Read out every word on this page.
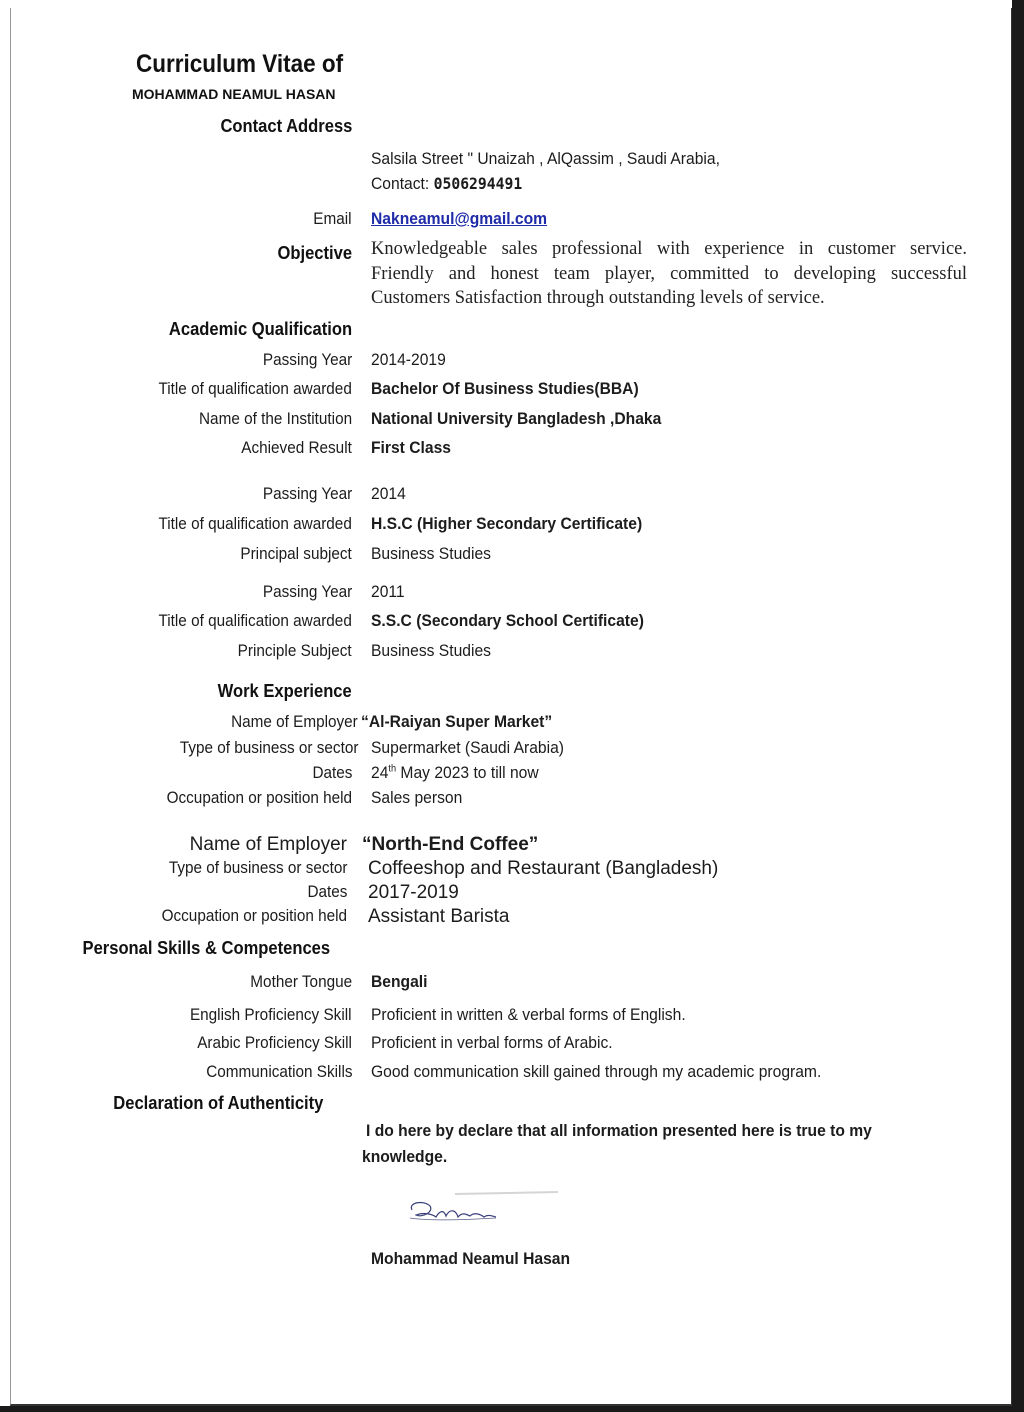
Curriculum Vitae of
MOHAMMAD NEAMUL HASAN
Contact Address
Salsila Street " Unaizah , AlQassim , Saudi Arabia,
Contact: 0506294491
Email Nakneamul@gmail.com
Objective Knowledgeable sales professional with experience in customer service.
Friendly and honest team player, committed to developing successful
Customers Satisfaction through outstanding levels of service.
Academic Qualification
Passing Year 2014-2019
Title of qualification awarded Bachelor Of Business Studies(BBA)
Name of the Institution National University Bangladesh ,Dhaka
Achieved Result First Class
Passing Year 2014
Title of qualification awarded H.S.C (Higher Secondary Certificate)
Principal subject Business Studies
Passing Year 2011
Title of qualification awarded S.S.C (Secondary School Certificate)
Principle Subject Business Studies
Work Experience
Name of Employer “Al-Raiyan Super Market”
Type of business or sector Supermarket (Saudi Arabia)
Dates 24th May 2023 to till now
Occupation or position held Sales person
Name of Employer “North-End Coffee”
Type of business or sector Coffeeshop and Restaurant (Bangladesh)
Dates 2017-2019
Occupation or position held Assistant Barista
Personal Skills & Competences
Mother Tongue Bengali
English Proficiency Skill Proficient in written & verbal forms of English.
Arabic Proficiency Skill Proficient in verbal forms of Arabic.
Communication Skills Good communication skill gained through my academic program.
Declaration of Authenticity
I do here by declare that all information presented here is true to my
knowledge.
Mohammad Neamul Hasan
